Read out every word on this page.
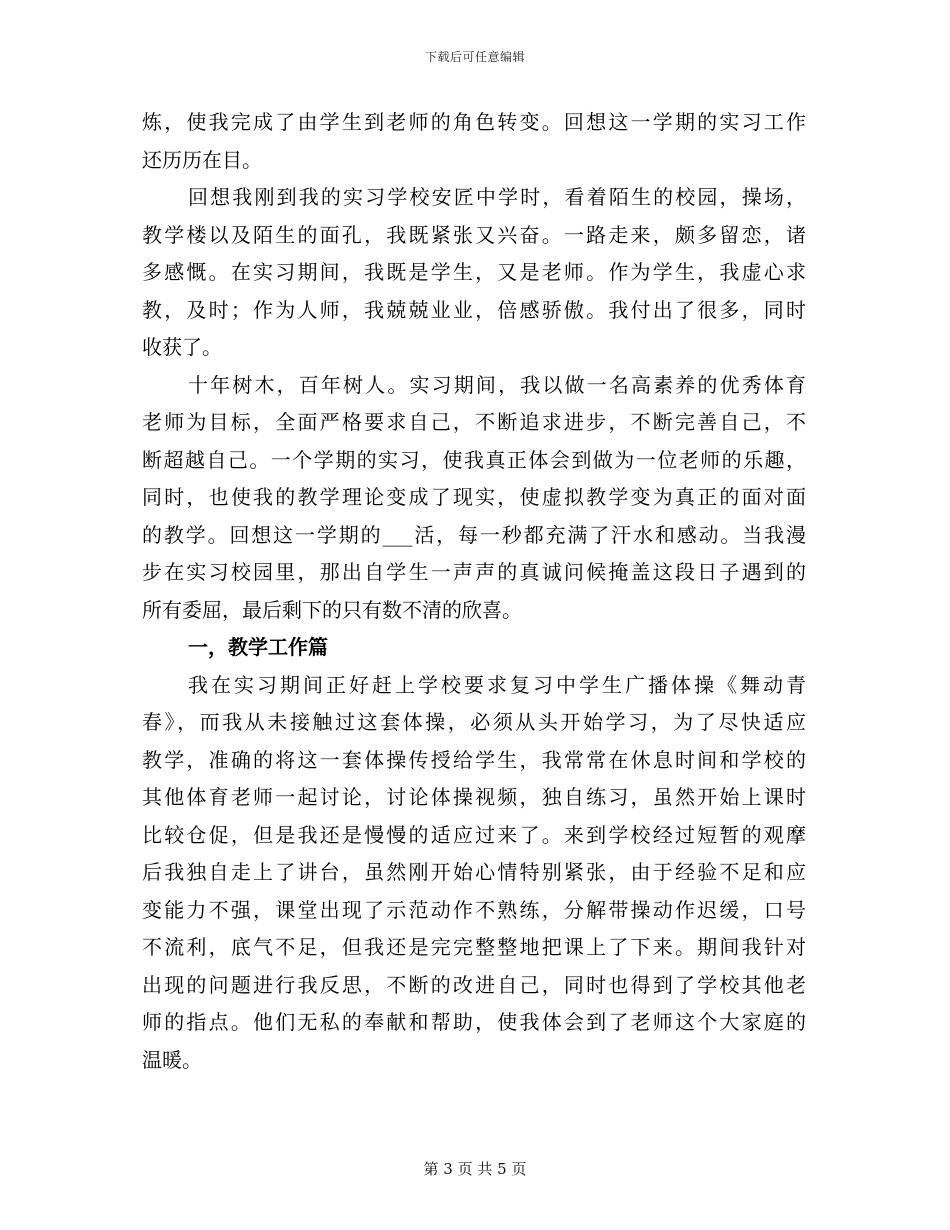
下载后可任意编辑
炼，使我完成了由学生到老师的角色转变。回想这一学期的实习工作
还历历在目。
回想我刚到我的实习学校安匠中学时，看着陌生的校园，操场，
教学楼以及陌生的面孔，我既紧张又兴奋。一路走来，颇多留恋，诸
多感慨。在实习期间，我既是学生，又是老师。作为学生，我虚心求
教，及时；作为人师，我兢兢业业，倍感骄傲。我付出了很多，同时
收获了。
十年树木，百年树人。实习期间，我以做一名高素养的优秀体育
老师为目标，全面严格要求自己，不断追求进步，不断完善自己，不
断超越自己。一个学期的实习，使我真正体会到做为一位老师的乐趣，
同时，也使我的教学理论变成了现实，使虚拟教学变为真正的面对面
的教学。回想这一学期的___活，每一秒都充满了汗水和感动。当我漫
步在实习校园里，那出自学生一声声的真诚问候掩盖这段日子遇到的
所有委屈，最后剩下的只有数不清的欣喜。
一，教学工作篇
我在实习期间正好赶上学校要求复习中学生广播体操《舞动青
春》，而我从未接触过这套体操，必须从头开始学习，为了尽快适应
教学，准确的将这一套体操传授给学生，我常常在休息时间和学校的
其他体育老师一起讨论，讨论体操视频，独自练习，虽然开始上课时
比较仓促，但是我还是慢慢的适应过来了。来到学校经过短暂的观摩
后我独自走上了讲台，虽然刚开始心情特别紧张，由于经验不足和应
变能力不强，课堂出现了示范动作不熟练，分解带操动作迟缓，口号
不流利，底气不足，但我还是完完整整地把课上了下来。期间我针对
出现的问题进行我反思，不断的改进自己，同时也得到了学校其他老
师的指点。他们无私的奉献和帮助，使我体会到了老师这个大家庭的
温暖。
第 3 页 共 5 页
